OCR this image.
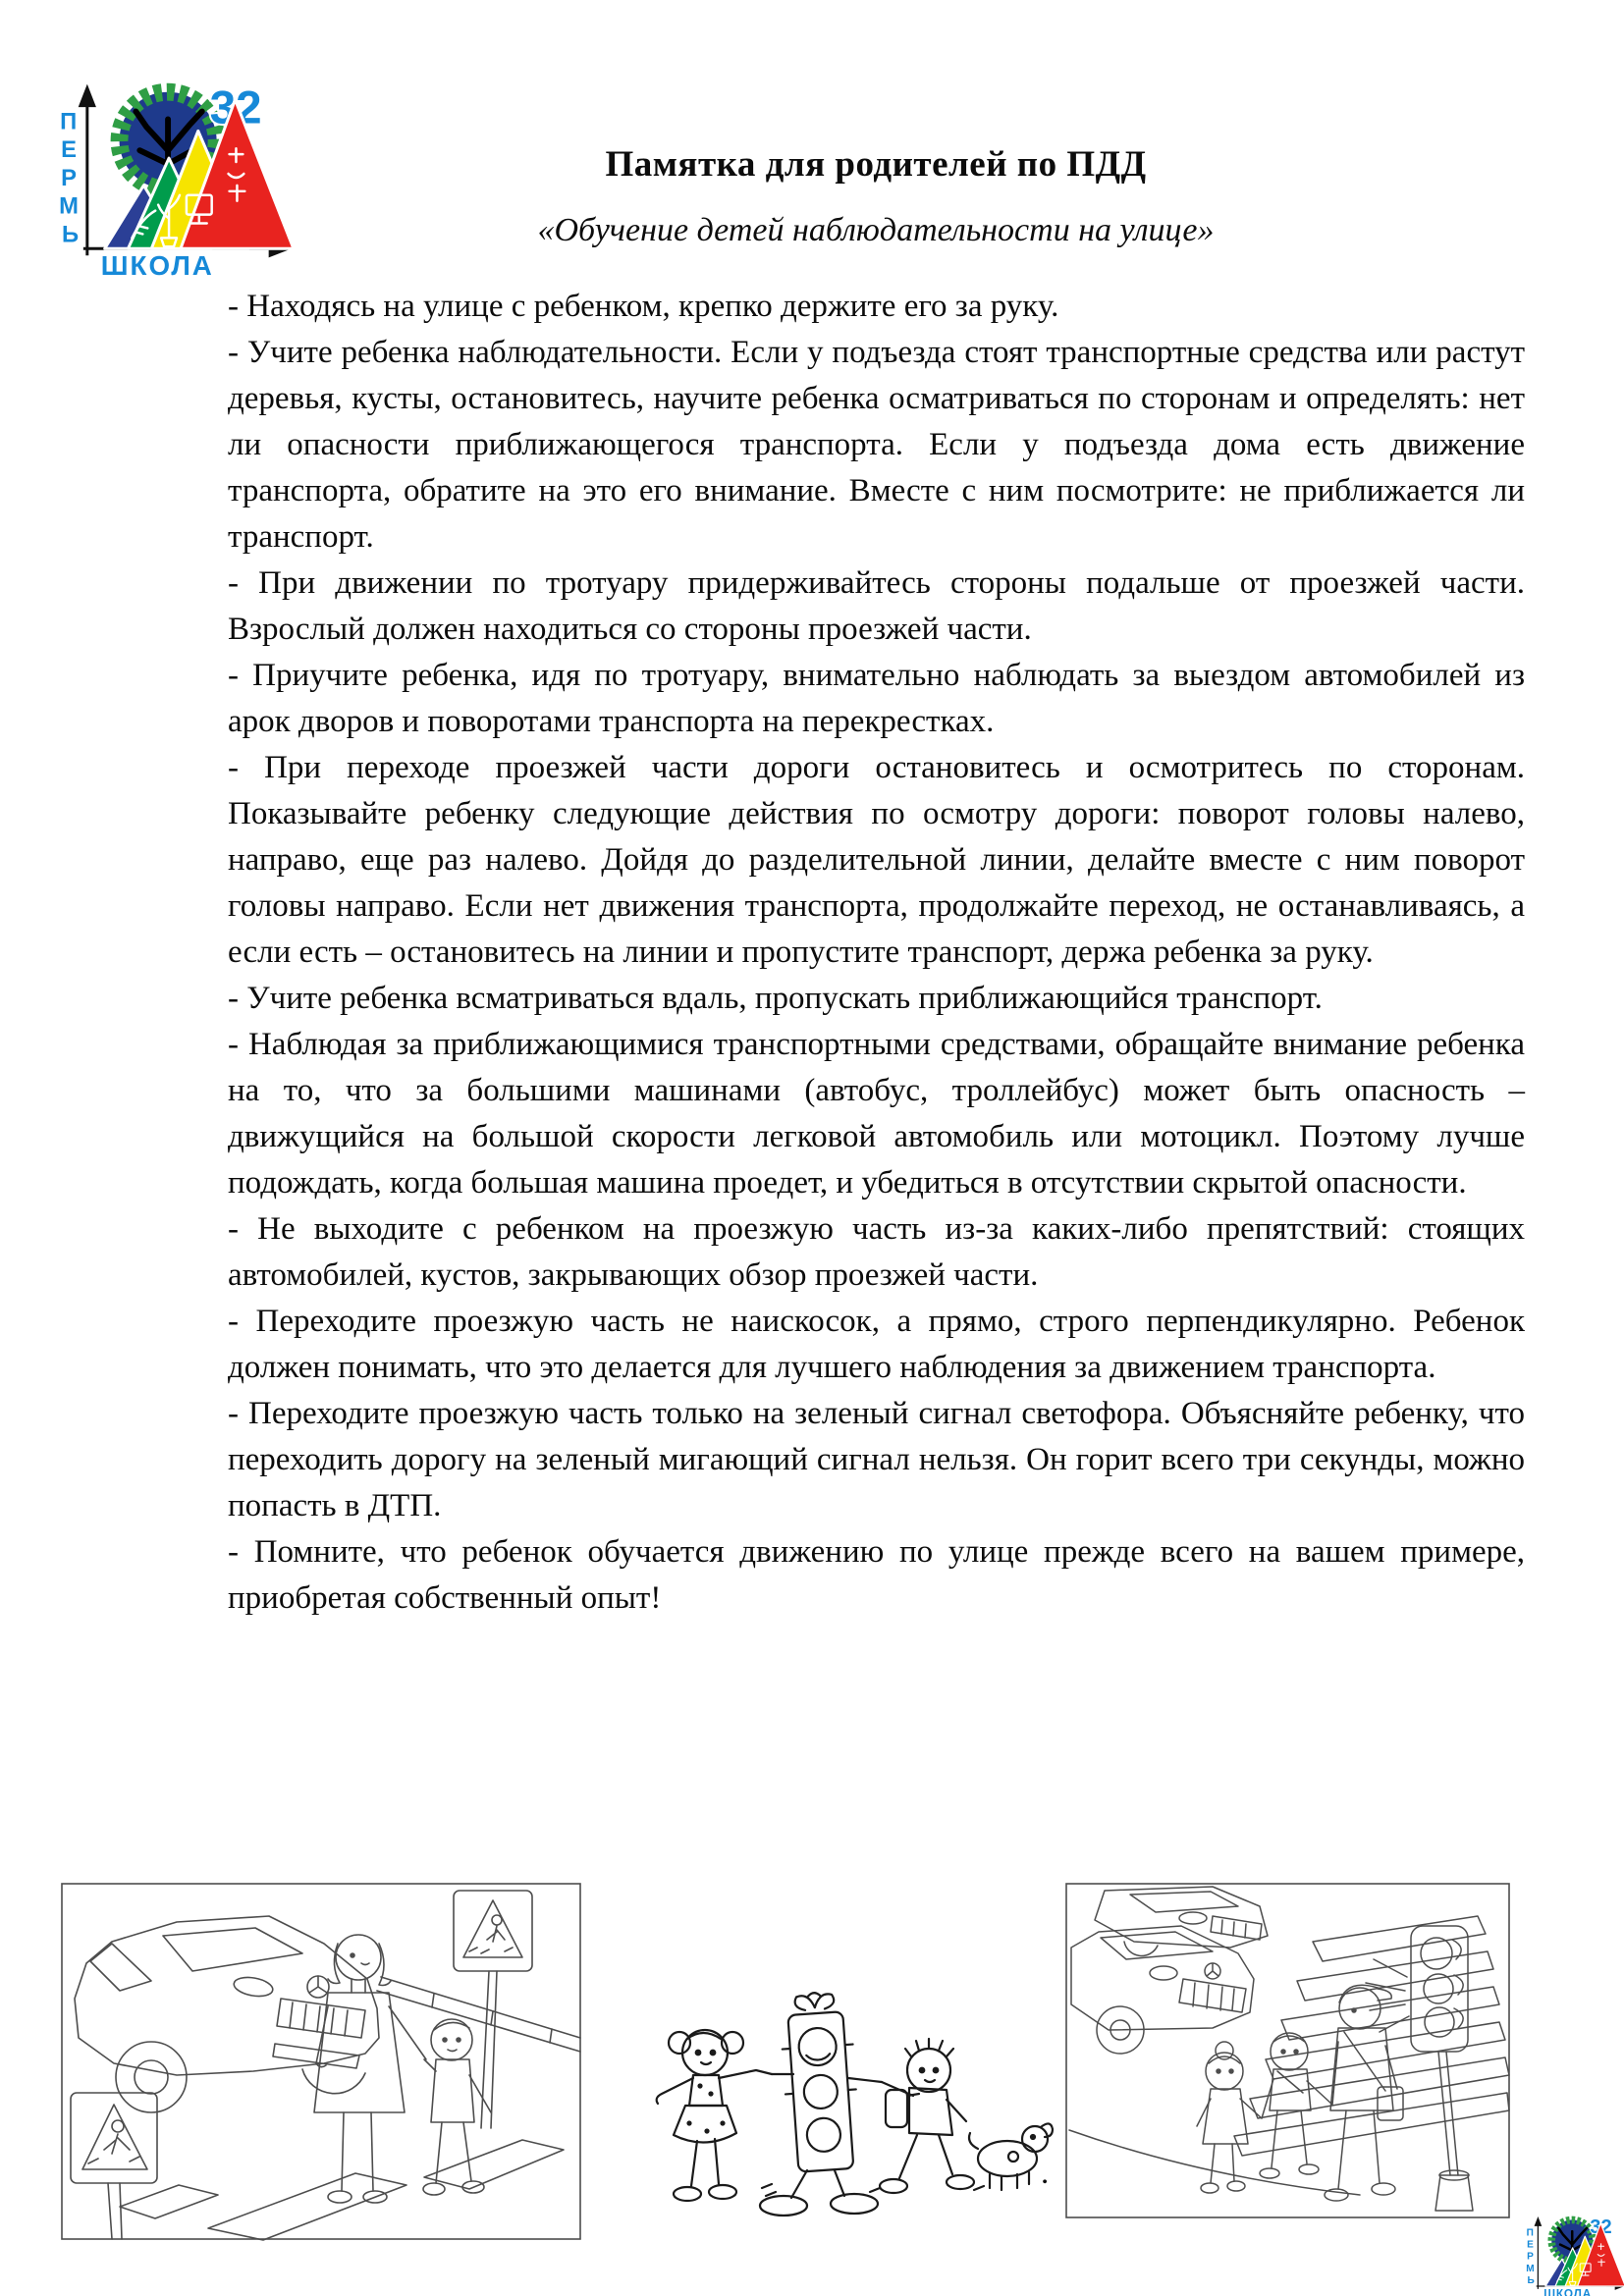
Памятка для родителей по ПДД
«Обучение детей наблюдательности на улице»

- Находясь на улице с ребенком, крепко держите его за руку.

- Учите ребенка наблюдательности. Если у подъезда стоят транспортные средства или растут деревья, кусты, остановитесь, научите ребенка осматриваться по сторонам и определять: нет ли опасности приближающегося транспорта. Если у подъезда дома есть движение транспорта, обратите на это его внимание. Вместе с ним посмотрите: не приближается ли транспорт.

- При движении по тротуару придерживайтесь стороны подальше от проезжей части. Взрослый должен находиться со стороны проезжей части.

- Приучите ребенка, идя по тротуару, внимательно наблюдать за выездом автомобилей из арок дворов и поворотами транспорта на перекрестках.

- При переходе проезжей части дороги остановитесь и осмотритесь по сторонам. Показывайте ребенку следующие действия по осмотру дороги: поворот головы налево, направо, еще раз налево. Дойдя до разделительной линии, делайте вместе с ним поворот головы направо. Если нет движения транспорта, продолжайте переход, не останавливаясь, а если есть – остановитесь на линии и пропустите транспорт, держа ребенка за руку.

- Учите ребенка всматриваться вдаль, пропускать приближающийся транспорт.

- Наблюдая за приближающимися транспортными средствами, обращайте внимание ребенка на то, что за большими машинами (автобус, троллейбус) может быть опасность – движущийся на большой скорости легковой автомобиль или мотоцикл. Поэтому лучше подождать, когда большая машина проедет, и убедиться в отсутствии скрытой опасности.

- Не выходите с ребенком на проезжую часть из-за каких-либо препятствий: стоящих автомобилей, кустов, закрывающих обзор проезжей части.

- Переходите проезжую часть не наискосок, а прямо, строго перпендикулярно. Ребенок должен понимать, что это делается для лучшего наблюдения за движением транспорта.

- Переходите проезжую часть только на зеленый сигнал светофора. Объясняйте ребенку, что переходить дорогу на зеленый мигающий сигнал нельзя. Он горит всего три секунды, можно попасть в ДТП.

- Помните, что ребенок обучается движению по улице прежде всего на вашем примере, приобретая собственный опыт!

.
